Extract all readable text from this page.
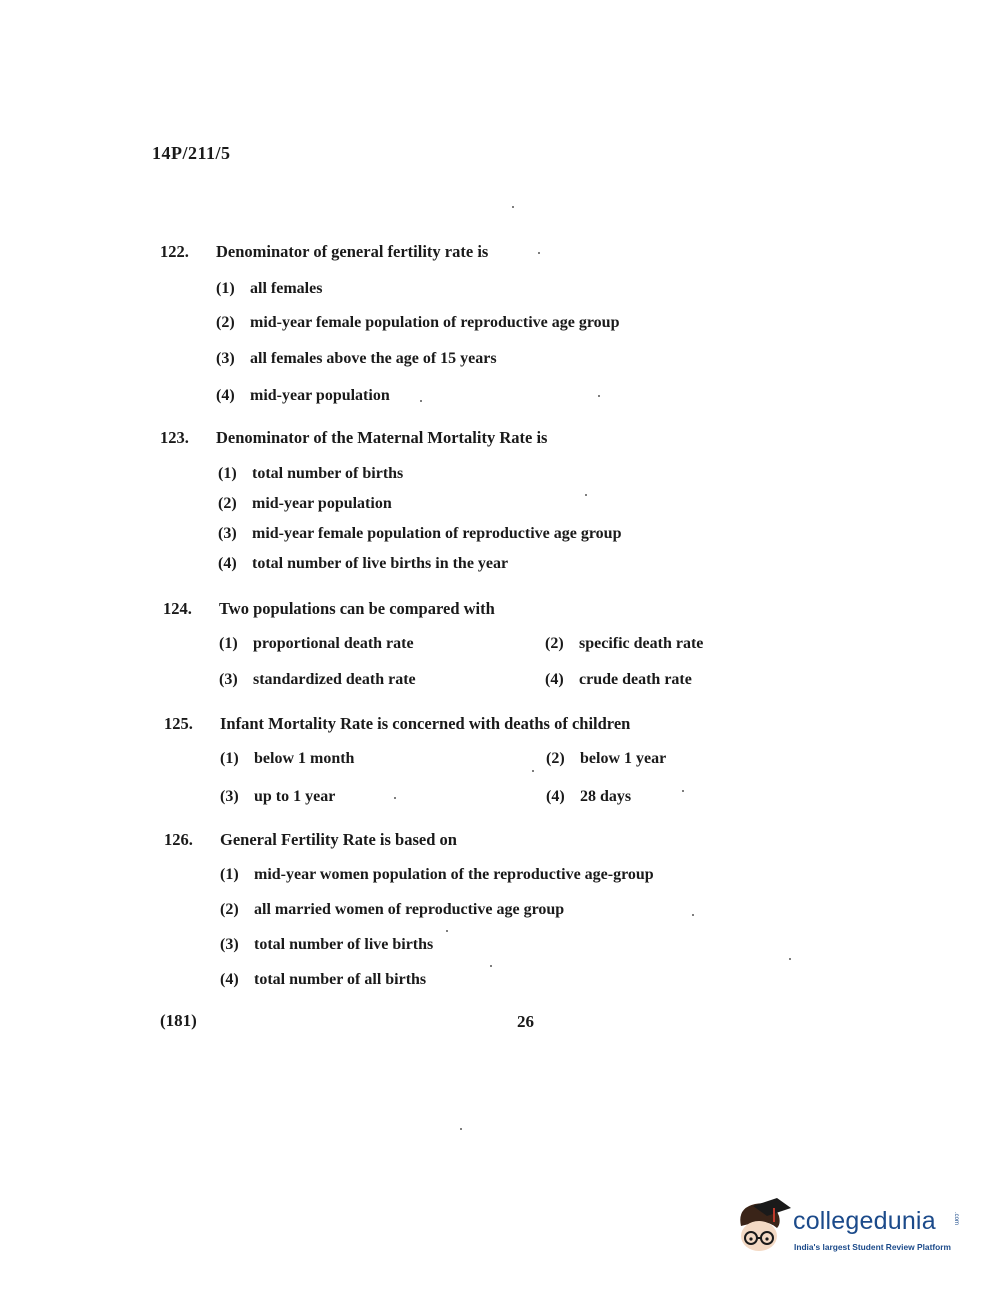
14P/211/5
122.	Denominator of general fertility rate is
(1) all females
(2) mid-year female population of reproductive age group
(3) all females above the age of 15 years
(4) mid-year population
123.	Denominator of the Maternal Mortality Rate is
(1) total number of births
(2) mid-year population
(3) mid-year female population of reproductive age group
(4) total number of live births in the year
124.	Two populations can be compared with
(1) proportional death rate	(2) specific death rate
(3) standardized death rate	(4) crude death rate
125.	Infant Mortality Rate is concerned with deaths of children
(1) below 1 month	(2) below 1 year
(3) up to 1 year	(4) 28 days
126.	General Fertility Rate is based on
(1) mid-year women population of the reproductive age-group
(2) all married women of reproductive age group
(3) total number of live births
(4) total number of all births
(181)	26
collegedunia	.com
India's largest Student Review Platform
